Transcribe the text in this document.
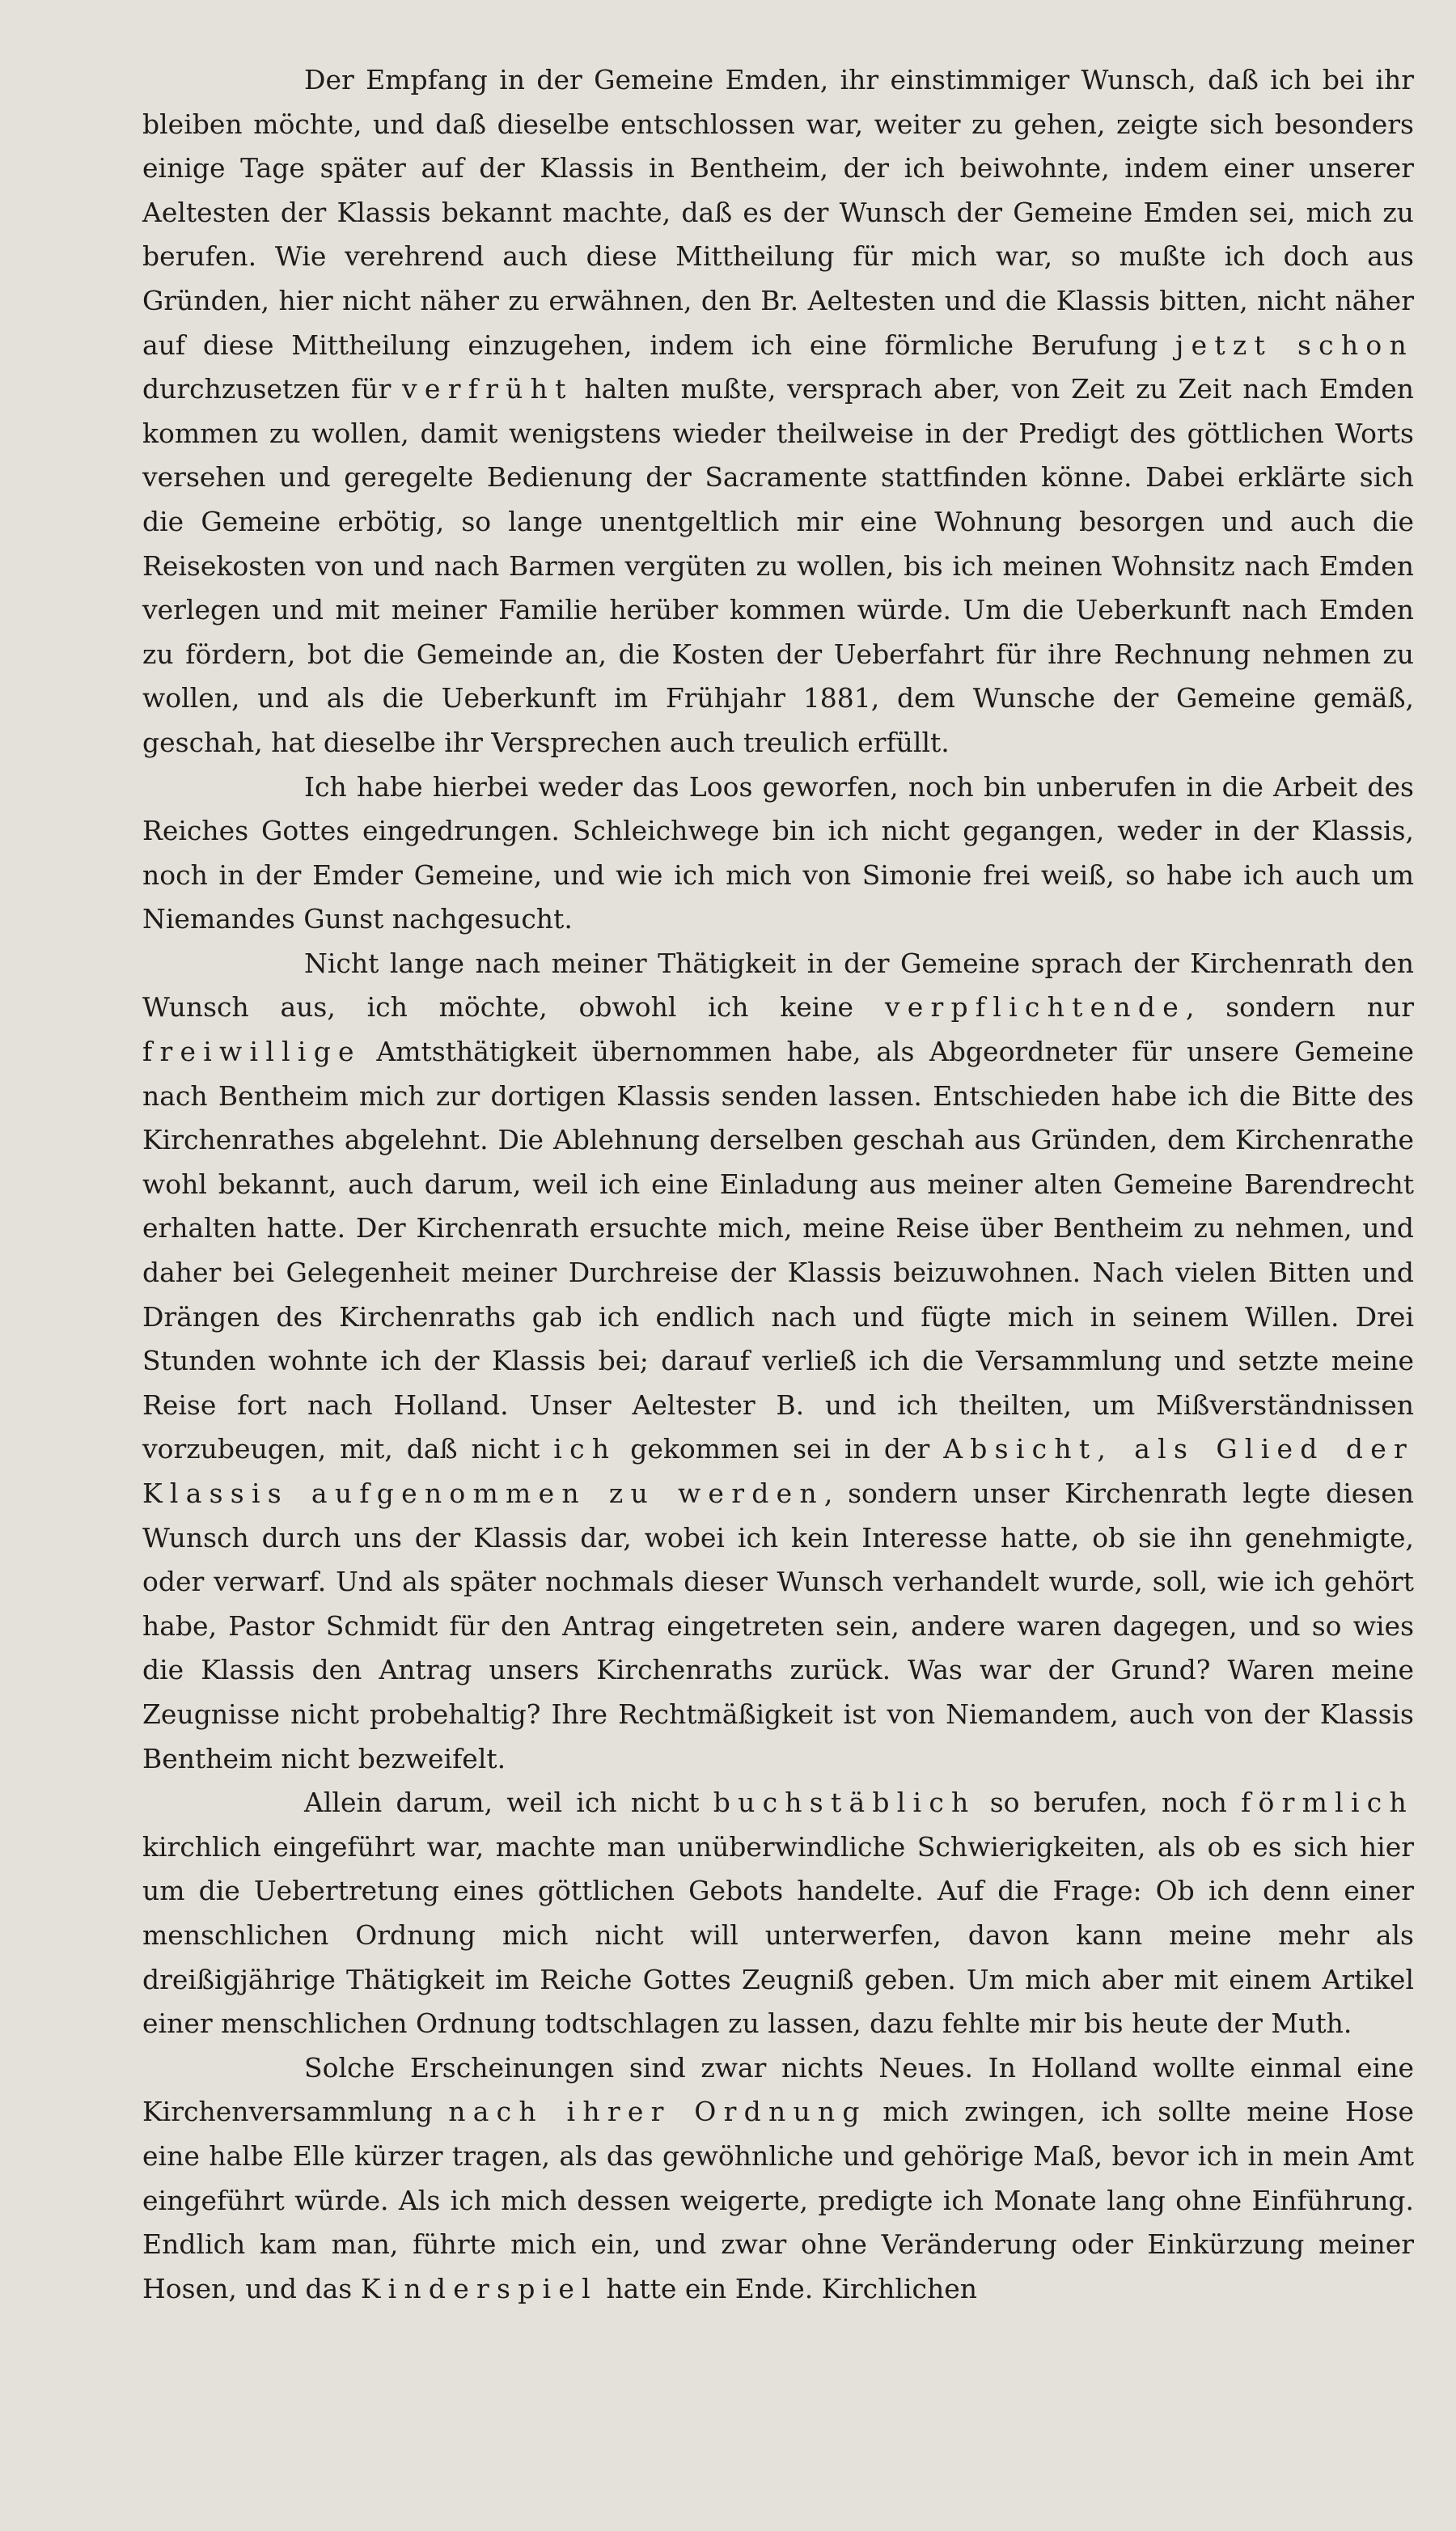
Der Empfang in der Gemeine Emden, ihr einstimmiger Wunsch, daß ich bei ihr bleiben möchte, und daß dieselbe entschlossen war, weiter zu gehen, zeigte sich besonders einige Tage später auf der Klassis in Bentheim, der ich beiwohnte, indem einer unserer Aeltesten der Klassis bekannt machte, daß es der Wunsch der Gemeine Emden sei, mich zu berufen. Wie verehrend auch diese Mittheilung für mich war, so mußte ich doch aus Gründen, hier nicht näher zu erwähnen, den Br. Aeltesten und die Klassis bitten, nicht näher auf diese Mittheilung einzugehen, indem ich eine förmliche Berufung jetzt schon durchzusetzen für verfrüht halten mußte, versprach aber, von Zeit zu Zeit nach Emden kommen zu wollen, damit wenigstens wieder theilweise in der Predigt des göttlichen Worts versehen und geregelte Bedienung der Sacramente stattfinden könne. Dabei erklärte sich die Gemeine erbötig, so lange unentgeltlich mir eine Wohnung besorgen und auch die Reisekosten von und nach Barmen vergüten zu wollen, bis ich meinen Wohnsitz nach Emden verlegen und mit meiner Familie herüber kommen würde. Um die Ueberkunft nach Emden zu fördern, bot die Gemeinde an, die Kosten der Ueberfahrt für ihre Rechnung nehmen zu wollen, und als die Ueberkunft im Frühjahr 1881, dem Wunsche der Gemeine gemäß, geschah, hat dieselbe ihr Versprechen auch treulich erfüllt.

Ich habe hierbei weder das Loos geworfen, noch bin unberufen in die Arbeit des Reiches Gottes eingedrungen. Schleichwege bin ich nicht gegangen, weder in der Klassis, noch in der Emder Gemeine, und wie ich mich von Simonie frei weiß, so habe ich auch um Niemandes Gunst nachgesucht.

Nicht lange nach meiner Thätigkeit in der Gemeine sprach der Kirchenrath den Wunsch aus, ich möchte, obwohl ich keine verpflichtende, sondern nur freiwillige Amtsthätigkeit übernommen habe, als Abgeordneter für unsere Gemeine nach Bentheim mich zur dortigen Klassis senden lassen. Entschieden habe ich die Bitte des Kirchenrathes abgelehnt. Die Ablehnung derselben geschah aus Gründen, dem Kirchenrathe wohl bekannt, auch darum, weil ich eine Einladung aus meiner alten Gemeine Barendrecht erhalten hatte. Der Kirchenrath ersuchte mich, meine Reise über Bentheim zu nehmen, und daher bei Gelegenheit meiner Durchreise der Klassis beizuwohnen. Nach vielen Bitten und Drängen des Kirchenraths gab ich endlich nach und fügte mich in seinem Willen. Drei Stunden wohnte ich der Klassis bei; darauf verließ ich die Versammlung und setzte meine Reise fort nach Holland. Unser Aeltester B. und ich theilten, um Mißverständnissen vorzubeugen, mit, daß nicht ich gekommen sei in der Absicht, als Glied der Klassis aufgenommen zu werden, sondern unser Kirchenrath legte diesen Wunsch durch uns der Klassis dar, wobei ich kein Interesse hatte, ob sie ihn genehmigte, oder verwarf. Und als später nochmals dieser Wunsch verhandelt wurde, soll, wie ich gehört habe, Pastor Schmidt für den Antrag eingetreten sein, andere waren dagegen, und so wies die Klassis den Antrag unsers Kirchenraths zurück. Was war der Grund? Waren meine Zeugnisse nicht probehaltig? Ihre Rechtmäßigkeit ist von Niemandem, auch von der Klassis Bentheim nicht bezweifelt.

Allein darum, weil ich nicht buchstäblich so berufen, noch förmlich kirchlich eingeführt war, machte man unüberwindliche Schwierigkeiten, als ob es sich hier um die Uebertretung eines göttlichen Gebots handelte. Auf die Frage: Ob ich denn einer menschlichen Ordnung mich nicht will unterwerfen, davon kann meine mehr als dreißigjährige Thätigkeit im Reiche Gottes Zeugniß geben. Um mich aber mit einem Artikel einer menschlichen Ordnung todtschlagen zu lassen, dazu fehlte mir bis heute der Muth.

Solche Erscheinungen sind zwar nichts Neues. In Holland wollte einmal eine Kirchenversammlung nach ihrer Ordnung mich zwingen, ich sollte meine Hose eine halbe Elle kürzer tragen, als das gewöhnliche und gehörige Maß, bevor ich in mein Amt eingeführt würde. Als ich mich dessen weigerte, predigte ich Monate lang ohne Einführung. Endlich kam man, führte mich ein, und zwar ohne Veränderung oder Einkürzung meiner Hosen, und das Kinderspiel hatte ein Ende. Kirchlichen
